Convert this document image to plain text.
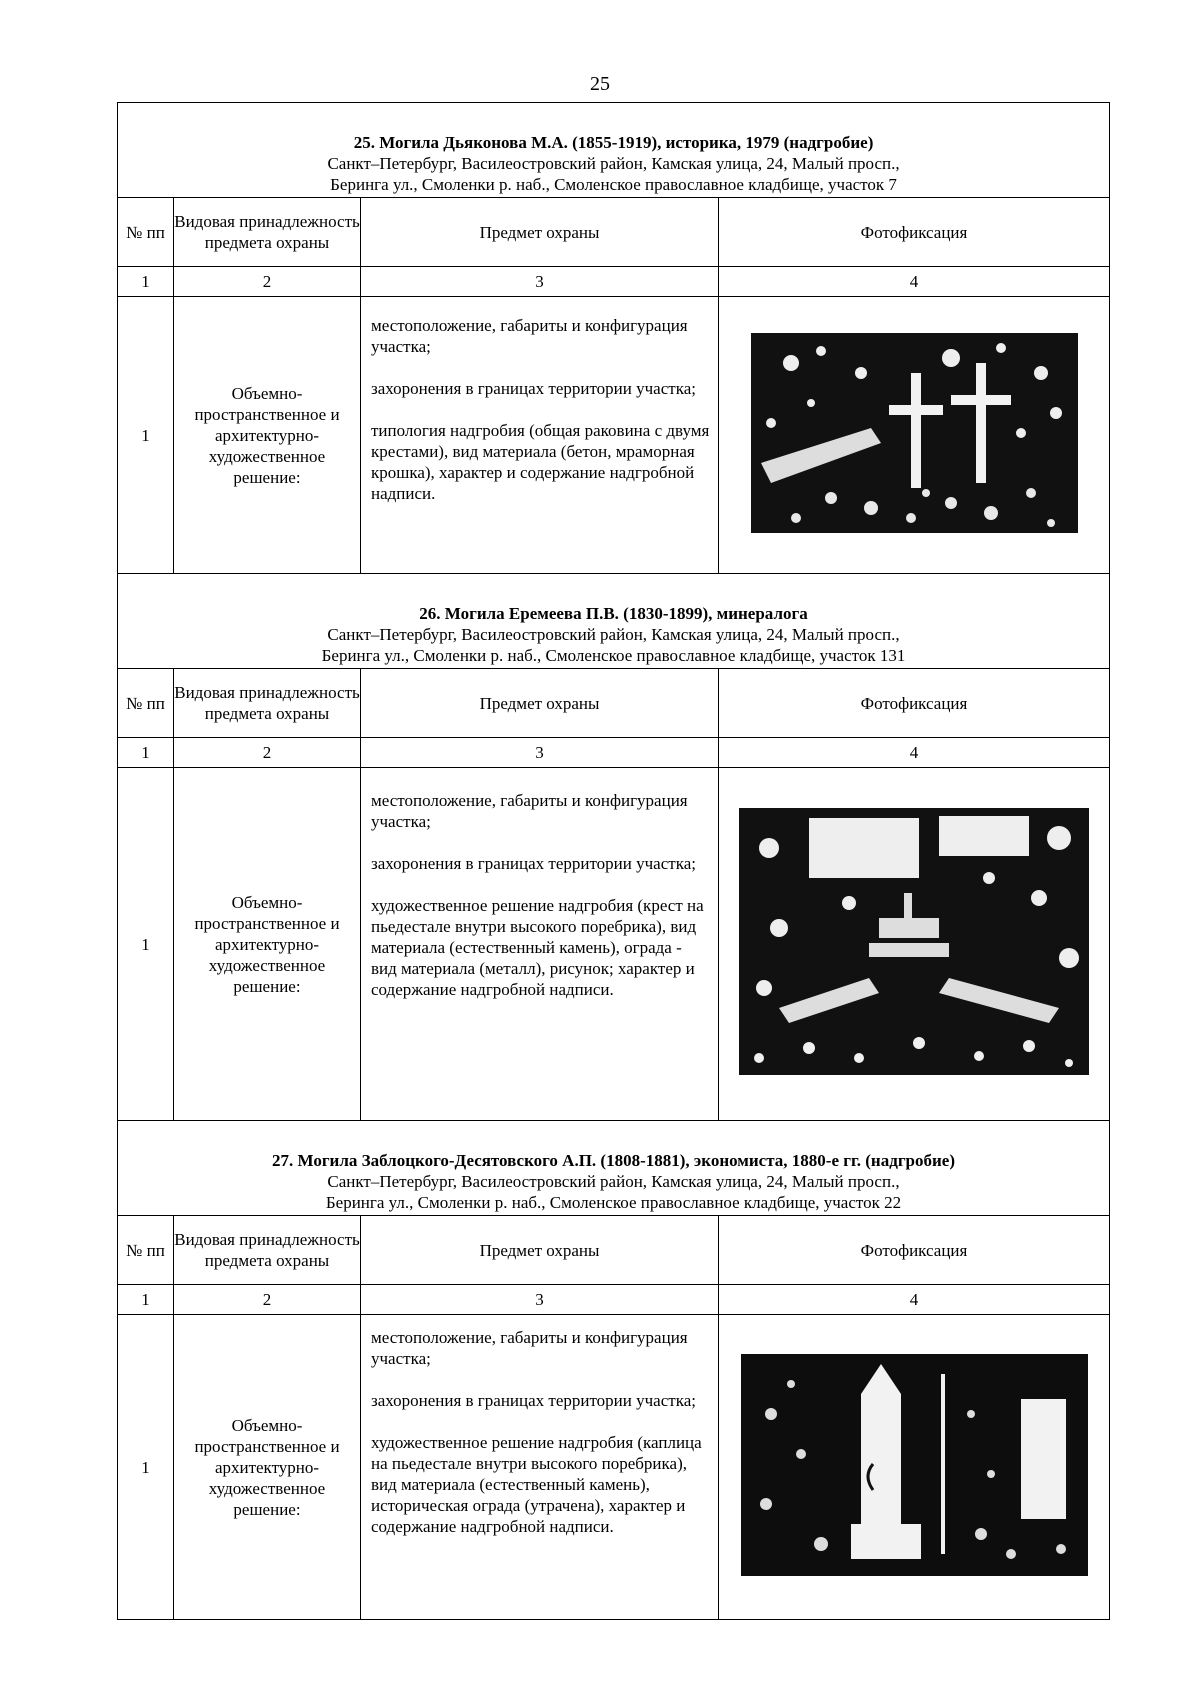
25
25. Могила Дьяконова М.А. (1855-1919), историка, 1979 (надгробие)
Санкт–Петербург, Василеостровский район, Камская улица, 24, Малый просп.,
Беринга ул., Смоленки р. наб., Смоленское православное кладбище, участок 7			

№ пп	Видовая принадлежность предмета охраны	Предмет охраны	Фотофиксация
1	2	3	4
1	Объемно-пространственное и архитектурно-художественное решение:	местоположение, габариты и конфигурация участка;

захоронения в границах территории участка;

типология надгробия (общая раковина с двумя крестами), вид материала (бетон, мраморная крошка), характер и содержание надгробной надписи.

26. Могила Еремеева П.В. (1830-1899), минералога
Санкт–Петербург, Василеостровский район, Камская улица, 24, Малый просп.,
Беринга ул., Смоленки р. наб., Смоленское православное кладбище, участок 131			

№ пп	Видовая принадлежность предмета охраны	Предмет охраны	Фотофиксация
1	2	3	4
1	Объемно-пространственное и архитектурно-художественное решение:	местоположение, габариты и конфигурация участка;

захоронения в границах территории участка;

художественное решение надгробия (крест на пьедестале внутри высокого поребрика), вид материала (естественный камень), ограда - вид материала (металл), рисунок; характер и содержание надгробной надписи.

27. Могила Заблоцкого-Десятовского А.П. (1808-1881), экономиста, 1880-е гг. (надгробие)
Санкт–Петербург, Василеостровский район, Камская улица, 24, Малый просп.,
Беринга ул., Смоленки р. наб., Смоленское православное кладбище, участок 22			

№ пп	Видовая принадлежность предмета охраны	Предмет охраны	Фотофиксация
1	2	3	4
1	Объемно-пространственное и архитектурно-художественное решение:	местоположение, габариты и конфигурация участка;

захоронения в границах территории участка;

художественное решение надгробия (каплица на пьедестале внутри высокого поребрика), вид материала (естественный камень), историческая ограда (утрачена), характер и содержание надгробной надписи.
